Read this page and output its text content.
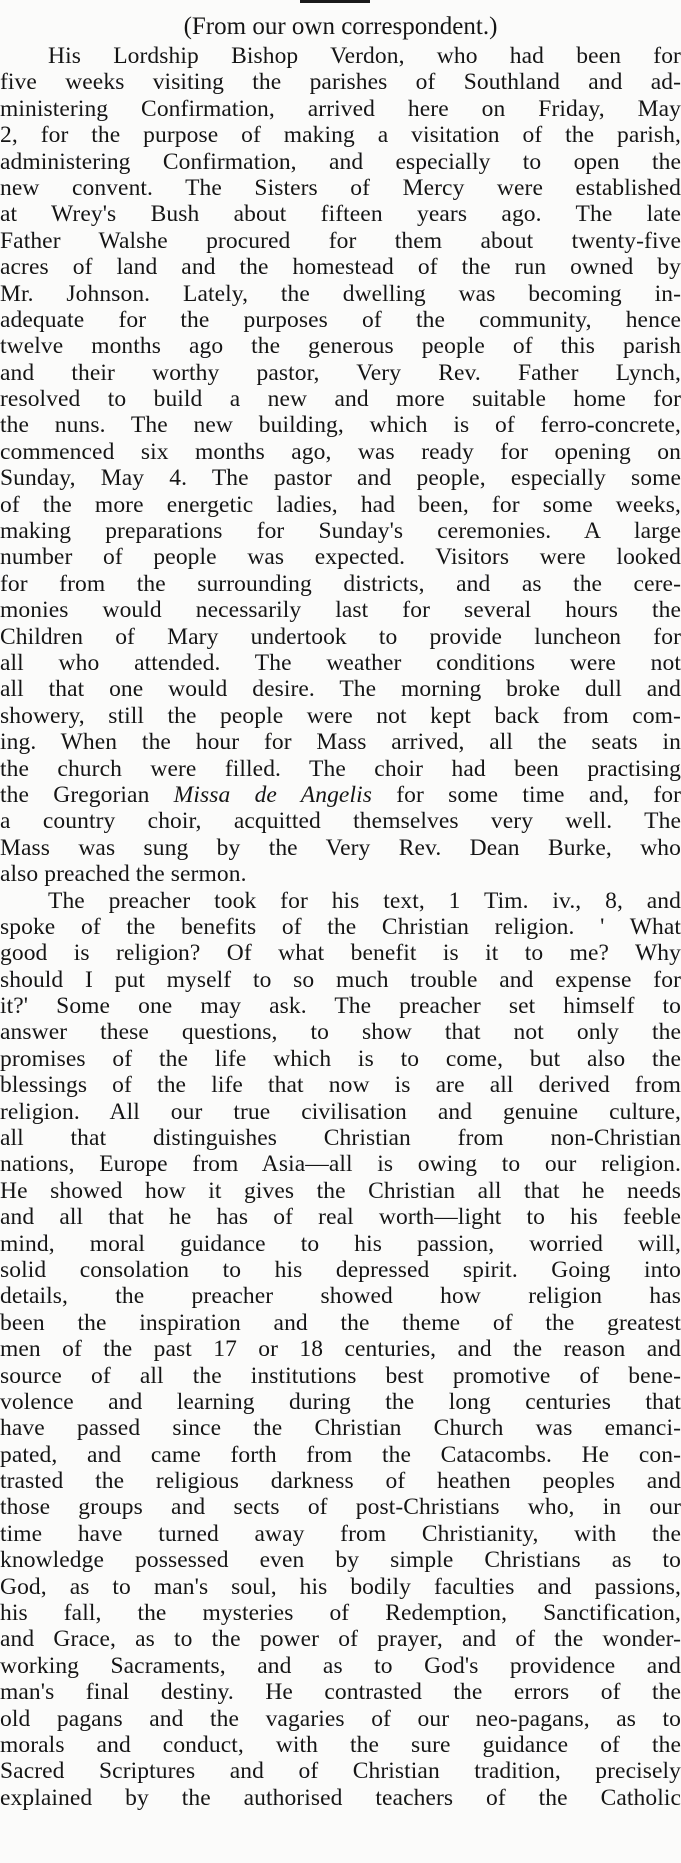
(From our own correspondent.)

His Lordship Bishop Verdon, who had been for
five weeks visiting the parishes of Southland and ad-
ministering Confirmation, arrived here on Friday, May
2, for the purpose of making a visitation of the parish,
administering Confirmation, and especially to open the
new convent. The Sisters of Mercy were established
at Wrey's Bush about fifteen years ago. The late
Father Walshe procured for them about twenty-five
acres of land and the homestead of the run owned by
Mr. Johnson. Lately, the dwelling was becoming in-
adequate for the purposes of the community, hence
twelve months ago the generous people of this parish
and their worthy pastor, Very Rev. Father Lynch,
resolved to build a new and more suitable home for
the nuns. The new building, which is of ferro-concrete,
commenced six months ago, was ready for opening on
Sunday, May 4. The pastor and people, especially some
of the more energetic ladies, had been, for some weeks,
making preparations for Sunday's ceremonies. A large
number of people was expected. Visitors were looked
for from the surrounding districts, and as the cere-
monies would necessarily last for several hours the
Children of Mary undertook to provide luncheon for
all who attended. The weather conditions were not
all that one would desire. The morning broke dull and
showery, still the people were not kept back from com-
ing. When the hour for Mass arrived, all the seats in
the church were filled. The choir had been practising
the Gregorian Missa de Angelis for some time and, for
a country choir, acquitted themselves very well. The
Mass was sung by the Very Rev. Dean Burke, who
also preached the sermon.

The preacher took for his text, 1 Tim. iv., 8, and
spoke of the benefits of the Christian religion. ' What
good is religion? Of what benefit is it to me? Why
should I put myself to so much trouble and expense for
it?' Some one may ask. The preacher set himself to
answer these questions, to show that not only the
promises of the life which is to come, but also the
blessings of the life that now is are all derived from
religion. All our true civilisation and genuine culture,
all that distinguishes Christian from non-Christian
nations, Europe from Asia—all is owing to our religion.
He showed how it gives the Christian all that he needs
and all that he has of real worth—light to his feeble
mind, moral guidance to his passion, worried will,
solid consolation to his depressed spirit. Going into
details, the preacher showed how religion has
been the inspiration and the theme of the greatest
men of the past 17 or 18 centuries, and the reason and
source of all the institutions best promotive of bene-
volence and learning during the long centuries that
have passed since the Christian Church was emanci-
pated, and came forth from the Catacombs. He con-
trasted the religious darkness of heathen peoples and
those groups and sects of post-Christians who, in our
time have turned away from Christianity, with the
knowledge possessed even by simple Christians as to
God, as to man's soul, his bodily faculties and passions,
his fall, the mysteries of Redemption, Sanctification,
and Grace, as to the power of prayer, and of the wonder-
working Sacraments, and as to God's providence and
man's final destiny. He contrasted the errors of the
old pagans and the vagaries of our neo-pagans, as to
morals and conduct, with the sure guidance of the
Sacred Scriptures and of Christian tradition, precisely
explained by the authorised teachers of the Catholic
